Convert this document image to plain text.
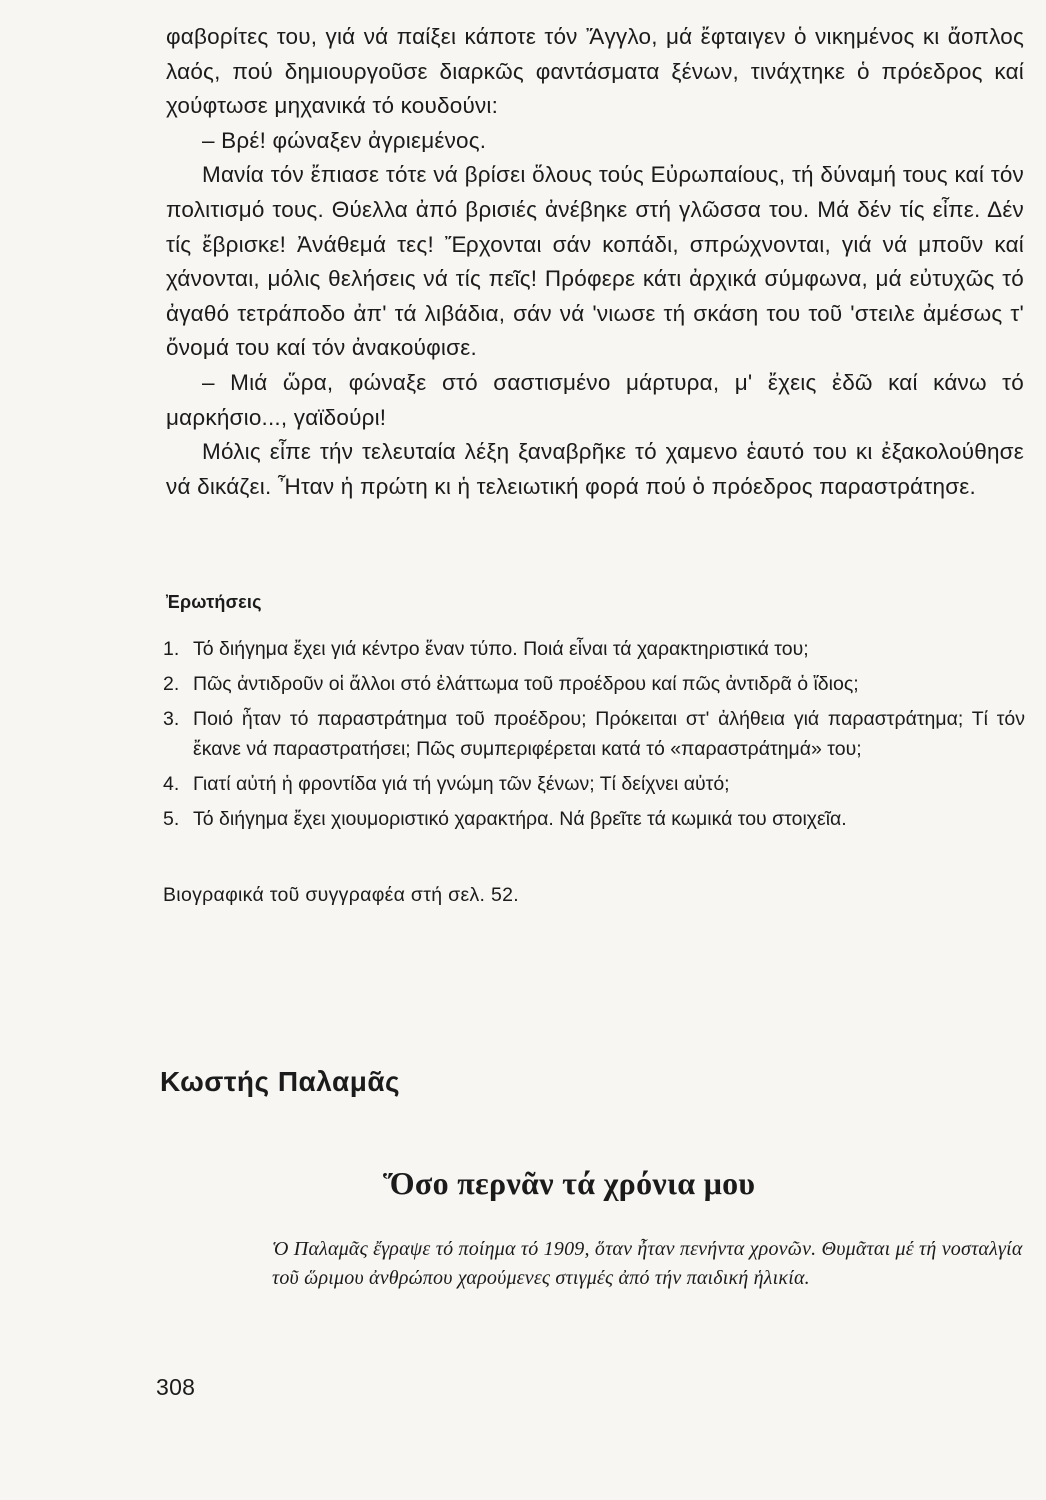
φαβορίτες του, γιά νά παίξει κάποτε τόν Ἄγγλο, μά ἔφταιγεν ὁ νικημένος κι ἄοπλος λαός, πού δημιουργοῦσε διαρκῶς φαντάσματα ξένων, τινάχτηκε ὁ πρόεδρος καί χούφτωσε μηχανικά τό κουδούνι:

– Βρέ! φώναξεν ἀγριεμένος.

Μανία τόν ἔπιασε τότε νά βρίσει ὅλους τούς Εὐρωπαίους, τή δύναμή τους καί τόν πολιτισμό τους. Θύελλα ἀπό βρισιές ἀνέβηκε στή γλῶσσα του. Μά δέν τίς εἶπε. Δέν τίς ἔβρισκε! Ἀνάθεμά τες! Ἔρχονται σάν κοπάδι, σπρώχνονται, γιά νά μποῦν καί χάνονται, μόλις θελήσεις νά τίς πεῖς! Πρόφερε κάτι ἀρχικά σύμφωνα, μά εὐτυχῶς τό ἀγαθό τετράποδο ἀπ' τά λιβάδια, σάν νά 'νιωσε τή σκάση του τοῦ 'στειλε ἀμέσως τ' ὄνομά του καί τόν ἀνακούφισε.

– Μιά ὥρα, φώναξε στό σαστισμένο μάρτυρα, μ' ἔχεις ἐδῶ καί κάνω τό μαρκήσιο..., γαϊδούρι!

Μόλις εἶπε τήν τελευταία λέξη ξαναβρῆκε τό χαμενο ἑαυτό του κι ἐξακολούθησε νά δικάζει. Ἦταν ἡ πρώτη κι ἡ τελειωτική φορά πού ὁ πρόεδρος παραστράτησε.

Ἐρωτήσεις
1. Τό διήγημα ἔχει γιά κέντρο ἕναν τύπο. Ποιά εἶναι τά χαρακτηριστικά του;
2. Πῶς ἀντιδροῦν οἱ ἄλλοι στό ἐλάττωμα τοῦ προέδρου καί πῶς ἀντιδρᾶ ὁ ἴδιος;
3. Ποιό ἦταν τό παραστράτημα τοῦ προέδρου; Πρόκειται στ' ἀλήθεια γιά παραστράτημα; Τί τόν ἔκανε νά παραστρατήσει; Πῶς συμπεριφέρεται κατά τό «παραστράτημά» του;
4. Γιατί αὐτή ἡ φροντίδα γιά τή γνώμη τῶν ξένων; Τί δείχνει αὐτό;
5. Τό διήγημα ἔχει χιουμοριστικό χαρακτήρα. Νά βρεῖτε τά κωμικά του στοιχεῖα.
Βιογραφικά τοῦ συγγραφέα στή σελ. 52.
Κωστής Παλαμᾶς
Ὅσο περνᾶν τά χρόνια μου
Ὁ Παλαμᾶς ἔγραψε τό ποίημα τό 1909, ὅταν ἦταν πενήντα χρονῶν. Θυμᾶται μέ τή νοσταλγία τοῦ ὥριμου ἀνθρώπου χαρούμενες στιγμές ἀπό τήν παιδική ἡλικία.
308
